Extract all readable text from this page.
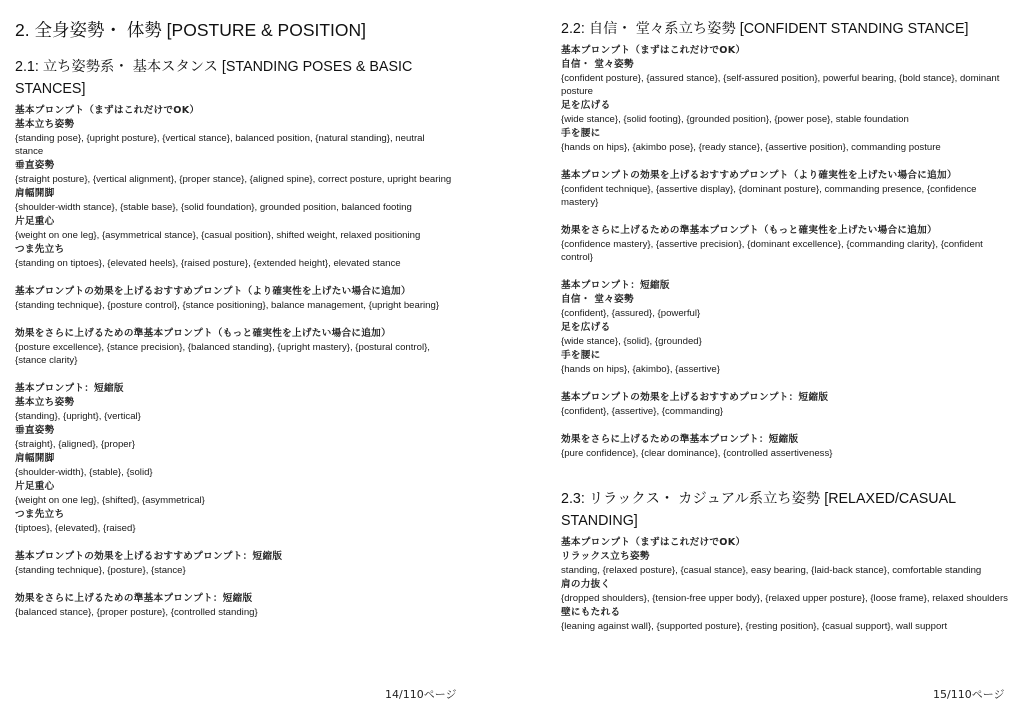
2. 全身姿勢・ 体勢 [POSTURE & POSITION]
2.1: 立ち姿勢系・ 基本スタンス [STANDING POSES & BASIC STANCES]
基本プロンプト（まずはこれだけでOK）
基本立ち姿勢
{standing pose}, {upright posture}, {vertical stance}, balanced position, {natural standing}, neutral stance
垂直姿勢
{straight posture}, {vertical alignment}, {proper stance}, {aligned spine}, correct posture, upright bearing
肩幅開脚
{shoulder-width stance}, {stable base}, {solid foundation}, grounded position, balanced footing
片足重心
{weight on one leg}, {asymmetrical stance}, {casual position}, shifted weight, relaxed positioning
つま先立ち
{standing on tiptoes}, {elevated heels}, {raised posture}, {extended height}, elevated stance
基本プロンプトの効果を上げるおすすめプロンプト（より確実性を上げたい場合に追加）
{standing technique}, {posture control}, {stance positioning}, balance management, {upright bearing}
効果をさらに上げるための準基本プロンプト（もっと確実性を上げたい場合に追加）
{posture excellence}, {stance precision}, {balanced standing}, {upright mastery}, {postural control}, {stance clarity}
基本プロンプト：短縮版
基本立ち姿勢
{standing}, {upright}, {vertical}
垂直姿勢
{straight}, {aligned}, {proper}
肩幅開脚
{shoulder-width}, {stable}, {solid}
片足重心
{weight on one leg}, {shifted}, {asymmetrical}
つま先立ち
{tiptoes}, {elevated}, {raised}
基本プロンプトの効果を上げるおすすめプロンプト：短縮版
{standing technique}, {posture}, {stance}
効果をさらに上げるための準基本プロンプト：短縮版
{balanced stance}, {proper posture}, {controlled standing}
14/110ページ
2.2: 自信・ 堂々系立ち姿勢 [CONFIDENT STANDING STANCE]
基本プロンプト（まずはこれだけでOK）
自信・ 堂々姿勢
{confident posture}, {assured stance}, {self-assured position}, powerful bearing, {bold stance}, dominant posture
足を広げる
{wide stance}, {solid footing}, {grounded position}, {power pose}, stable foundation
手を腰に
{hands on hips}, {akimbo pose}, {ready stance}, {assertive position}, commanding posture
基本プロンプトの効果を上げるおすすめプロンプト（より確実性を上げたい場合に追加）
{confident technique}, {assertive display}, {dominant posture}, commanding presence, {confidence mastery}
効果をさらに上げるための準基本プロンプト（もっと確実性を上げたい場合に追加）
{confidence mastery}, {assertive precision}, {dominant excellence}, {commanding clarity}, {confident control}
基本プロンプト：短縮版
自信・ 堂々姿勢
{confident}, {assured}, {powerful}
足を広げる
{wide stance}, {solid}, {grounded}
手を腰に
{hands on hips}, {akimbo}, {assertive}
基本プロンプトの効果を上げるおすすめプロンプト：短縮版
{confident}, {assertive}, {commanding}
効果をさらに上げるための準基本プロンプト：短縮版
{pure confidence}, {clear dominance}, {controlled assertiveness}
2.3: リラックス・ カジュアル系立ち姿勢 [RELAXED/CASUAL STANDING]
基本プロンプト（まずはこれだけでOK）
リラックス立ち姿勢
standing, {relaxed posture}, {casual stance}, easy bearing, {laid-back stance}, comfortable standing
肩の力抜く
{dropped shoulders}, {tension-free upper body}, {relaxed upper posture}, {loose frame}, relaxed shoulders
壁にもたれる
{leaning against wall}, {supported posture}, {resting position}, {casual support}, wall support
15/110ページ
